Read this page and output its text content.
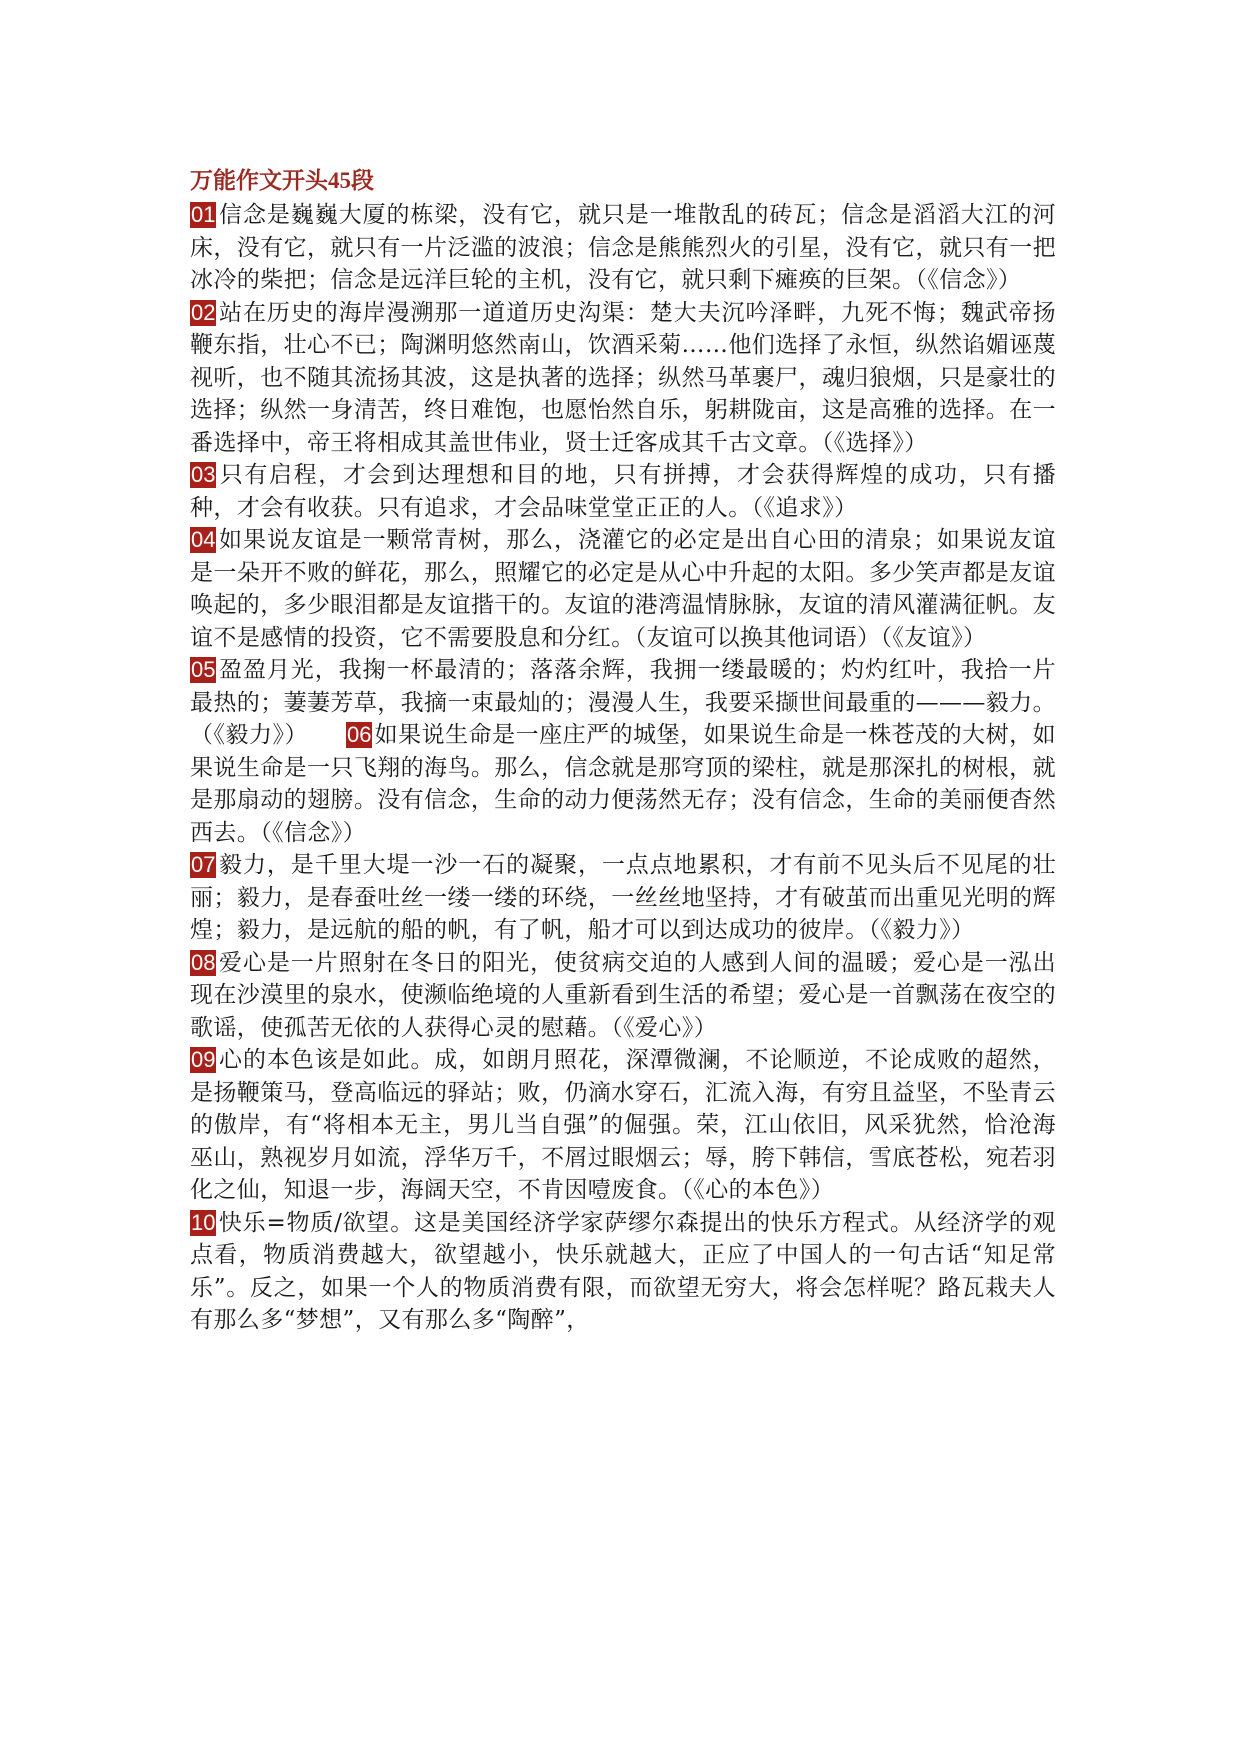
万能作文开头45段

01 信念是巍巍大厦的栋梁，没有它，就只是一堆散乱的砖瓦；信念是滔滔大江的河床，没有它，就只有一片泛滥的波浪；信念是熊熊烈火的引星，没有它，就只有一把冰冷的柴把；信念是远洋巨轮的主机，没有它，就只剩下瘫痪的巨架。（《信念》）

02 站在历史的海岸漫溯那一道道历史沟渠：楚大夫沉吟泽畔，九死不悔；魏武帝扬鞭东指，壮心不已；陶渊明悠然南山，饮酒采菊……他们选择了永恒，纵然谄媚诬蔑视听，也不随其流扬其波，这是执著的选择；纵然马革裹尸，魂归狼烟，只是豪壮的选择；纵然一身清苦，终日难饱，也愿怡然自乐，躬耕陇亩，这是高雅的选择。在一番选择中，帝王将相成其盖世伟业，贤士迁客成其千古文章。（《选择》）

03 只有启程，才会到达理想和目的地，只有拼搏，才会获得辉煌的成功，只有播种，才会有收获。只有追求，才会品味堂堂正正的人。（《追求》）

04 如果说友谊是一颗常青树，那么，浇灌它的必定是出自心田的清泉；如果说友谊是一朵开不败的鲜花，那么，照耀它的必定是从心中升起的太阳。多少笑声都是友谊唤起的，多少眼泪都是友谊揩干的。友谊的港湾温情脉脉，友谊的清风灌满征帆。友谊不是感情的投资，它不需要股息和分红。（友谊可以换其他词语）（《友谊》）

05 盈盈月光，我掬一杯最清的；落落余辉，我拥一缕最暖的；灼灼红叶，我拾一片最热的；萋萋芳草，我摘一束最灿的；漫漫人生，我要采撷世间最重的———毅力。（《毅力》） 06 如果说生命是一座庄严的城堡，如果说生命是一株苍茂的大树，如果说生命是一只飞翔的海鸟。那么，信念就是那穹顶的梁柱，就是那深扎的树根，就是那扇动的翅膀。没有信念，生命的动力便荡然无存；没有信念，生命的美丽便杳然西去。（《信念》）

07 毅力，是千里大堤一沙一石的凝聚，一点点地累积，才有前不见头后不见尾的壮丽；毅力，是春蚕吐丝一缕一缕的环绕，一丝丝地坚持，才有破茧而出重见光明的辉煌；毅力，是远航的船的帆，有了帆，船才可以到达成功的彼岸。（《毅力》）

08 爱心是一片照射在冬日的阳光，使贫病交迫的人感到人间的温暖；爱心是一泓出现在沙漠里的泉水，使濒临绝境的人重新看到生活的希望；爱心是一首飘荡在夜空的歌谣，使孤苦无依的人获得心灵的慰藉。（《爱心》）

09 心的本色该是如此。成，如朗月照花，深潭微澜，不论顺逆，不论成败的超然，是扬鞭策马，登高临远的驿站；败，仍滴水穿石，汇流入海，有穷且益坚，不坠青云的傲岸，有“将相本无主，男儿当自强”的倔强。荣，江山依旧，风采犹然，恰沧海巫山，熟视岁月如流，浮华万千，不屑过眼烟云；辱，胯下韩信，雪底苍松，宛若羽化之仙，知退一步，海阔天空，不肯因噎废食。（《心的本色》）

10 快乐=物质/欲望。这是美国经济学家萨缪尔森提出的快乐方程式。从经济学的观点看，物质消费越大，欲望越小，快乐就越大，正应了中国人的一句古话“知足常乐”。反之，如果一个人的物质消费有限，而欲望无穷大，将会怎样呢？路瓦栽夫人有那么多“梦想”，又有那么多“陶醉”，
